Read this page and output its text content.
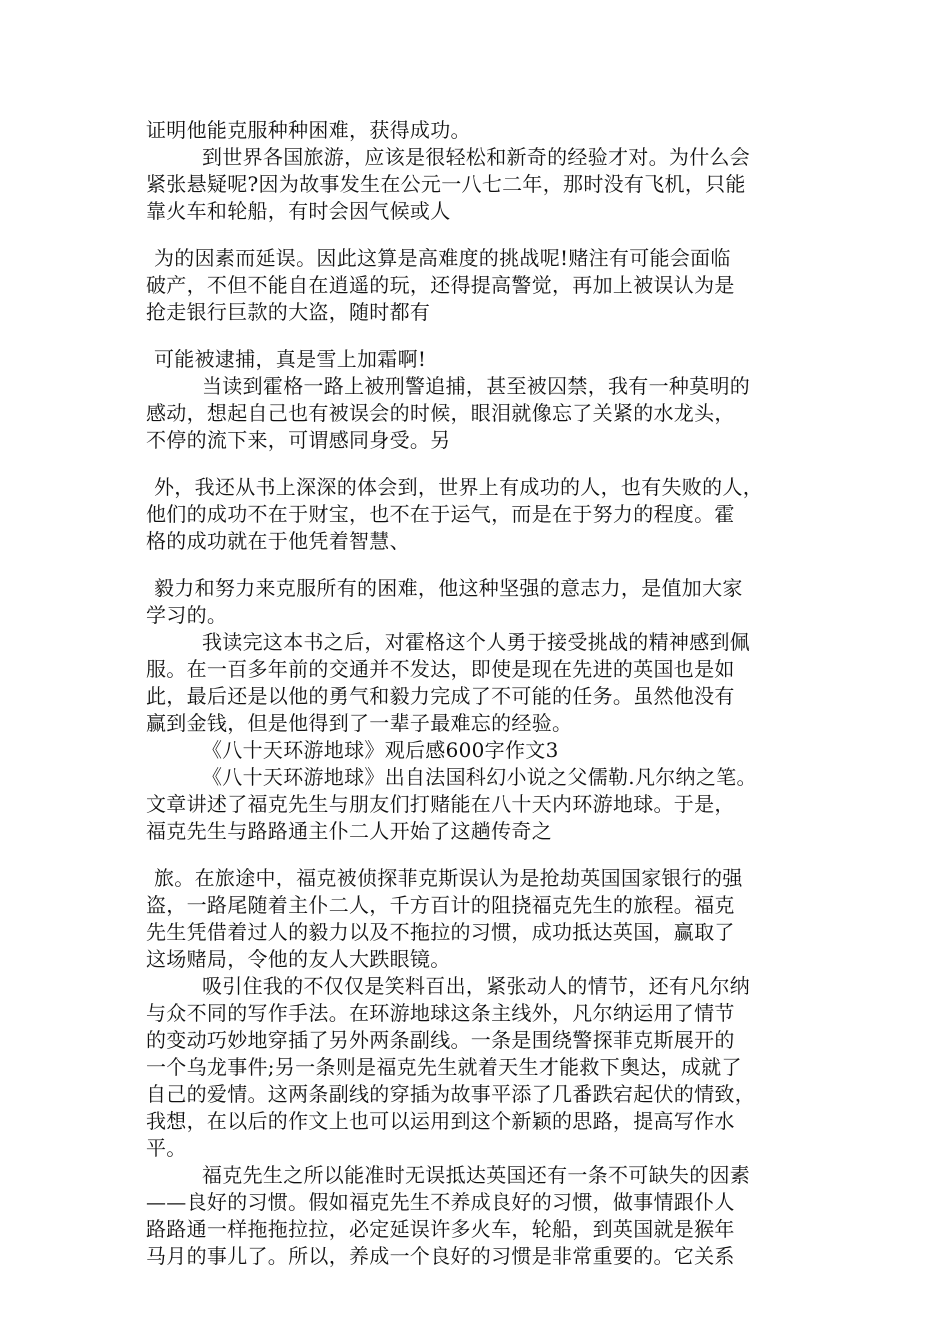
证明他能克服种种困难，获得成功。
到世界各国旅游，应该是很轻松和新奇的经验才对。为什么会
紧张悬疑呢?因为故事发生在公元一八七二年，那时没有飞机，只能
靠火车和轮船，有时会因气候或人
为的因素而延误。因此这算是高难度的挑战呢!赌注有可能会面临
破产，不但不能自在逍遥的玩，还得提高警觉，再加上被误认为是
抢走银行巨款的大盗，随时都有
可能被逮捕，真是雪上加霜啊!
当读到霍格一路上被刑警追捕，甚至被囚禁，我有一种莫明的
感动，想起自己也有被误会的时候，眼泪就像忘了关紧的水龙头，
不停的流下来，可谓感同身受。另
外，我还从书上深深的体会到，世界上有成功的人，也有失败的人，
他们的成功不在于财宝，也不在于运气，而是在于努力的程度。霍
格的成功就在于他凭着智慧、
毅力和努力来克服所有的困难，他这种坚强的意志力，是值加大家
学习的。
我读完这本书之后，对霍格这个人勇于接受挑战的精神感到佩
服。在一百多年前的交通并不发达，即使是现在先进的英国也是如
此，最后还是以他的勇气和毅力完成了不可能的任务。虽然他没有
赢到金钱，但是他得到了一辈子最难忘的经验。
《八十天环游地球》观后感600字作文3
《八十天环游地球》出自法国科幻小说之父儒勒.凡尔纳之笔。
文章讲述了福克先生与朋友们打赌能在八十天内环游地球。于是，
福克先生与路路通主仆二人开始了这趟传奇之
旅。在旅途中，福克被侦探菲克斯误认为是抢劫英国国家银行的强
盗，一路尾随着主仆二人，千方百计的阻挠福克先生的旅程。福克
先生凭借着过人的毅力以及不拖拉的习惯，成功抵达英国，赢取了
这场赌局，令他的友人大跌眼镜。
吸引住我的不仅仅是笑料百出，紧张动人的情节，还有凡尔纳
与众不同的写作手法。在环游地球这条主线外，凡尔纳运用了情节
的变动巧妙地穿插了另外两条副线。一条是围绕警探菲克斯展开的
一个乌龙事件;另一条则是福克先生就着天生才能救下奥达，成就了
自己的爱情。这两条副线的穿插为故事平添了几番跌宕起伏的情致，
我想，在以后的作文上也可以运用到这个新颖的思路，提高写作水
平。
福克先生之所以能准时无误抵达英国还有一条不可缺失的因素
——良好的习惯。假如福克先生不养成良好的习惯，做事情跟仆人
路路通一样拖拖拉拉，必定延误许多火车，轮船，到英国就是猴年
马月的事儿了。所以，养成一个良好的习惯是非常重要的。它关系
